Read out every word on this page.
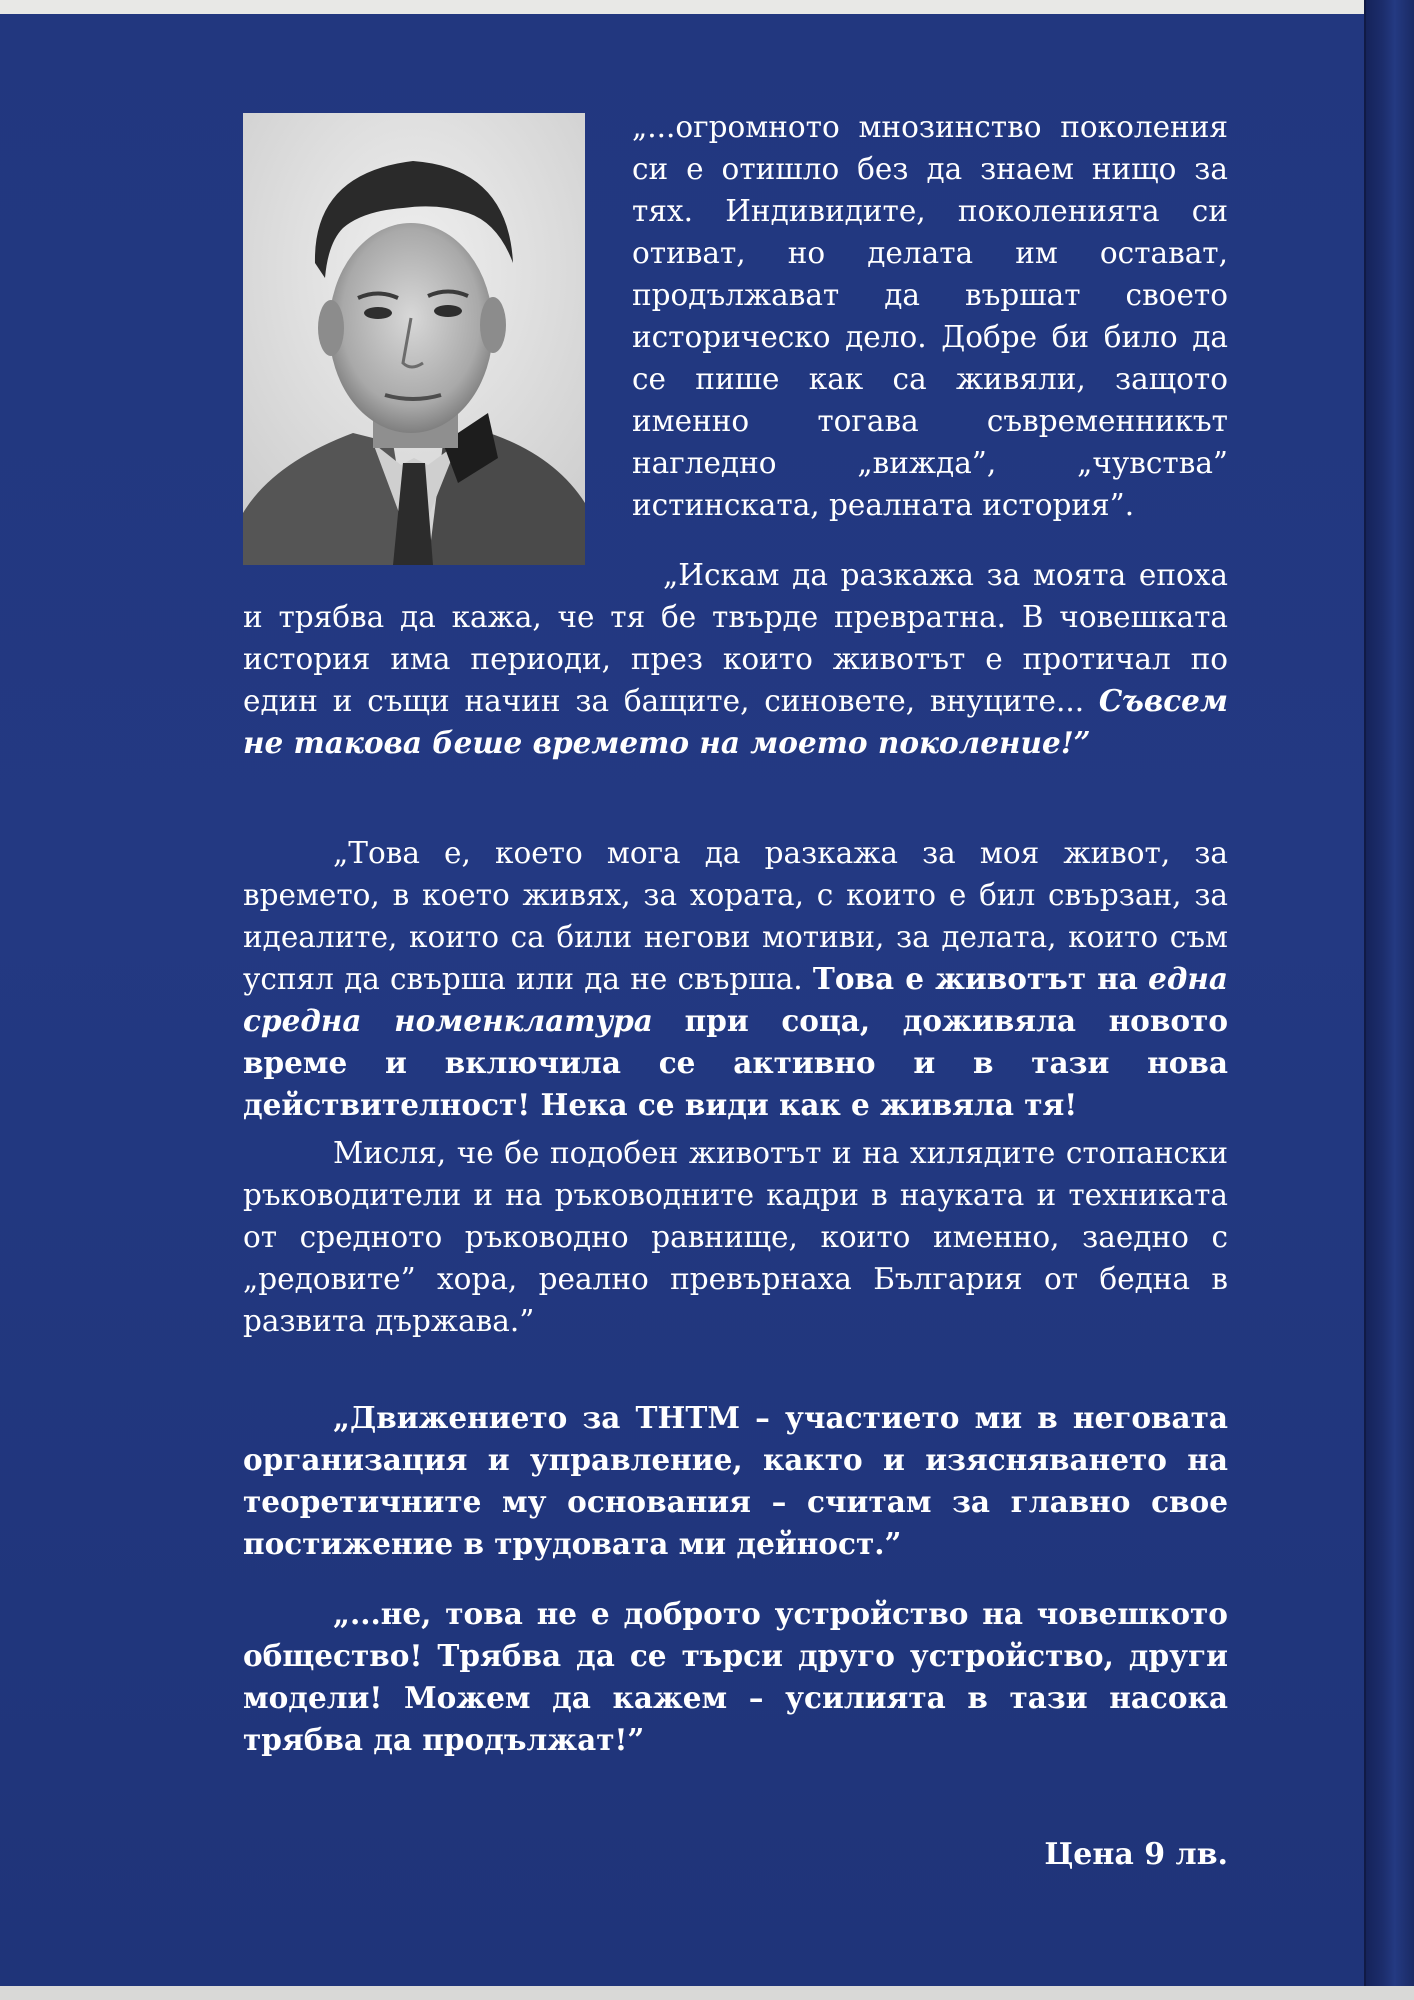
„...огромното мнозинство поколения си е отишло без да знаем нищо за тях. Индивидите, поколенията си отиват, но делата им остават, продължават да вършат своето историческо дело. Добре би било да се пише как са живяли, защото именно тогава съвременникът нагледно „вижда”, „чувства” истинската, реалната история”.
„Искам да разкажа за моята епоха и трябва да кажа, че тя бе твърде превратна. В човешката история има периоди, през които животът е протичал по един и същи начин за бащите, синовете, внуците... Съвсем не такова беше времето на моето поколение!”

„Това е, което мога да разкажа за моя живот, за времето, в което живях, за хората, с които е бил свързан, за идеалите, които са били негови мотиви, за делата, които съм успял да свърша или да не свърша. Това е животът на една средна номенклатура при соца, доживяла новото време и включила се активно и в тази нова действителност! Нека се види как е живяла тя!

Мисля, че бе подобен животът и на хилядите стопански ръководители и на ръководните кадри в науката и техниката от средното ръководно равнище, които именно, заедно с „редовите” хора, реално превърнаха България от бедна в развита държава.”

„Движението за ТНТМ – участието ми в неговата организация и управление, както и изясняването на теоретичните му основания – считам за главно свое постижение в трудовата ми дейност.”

„...не, това не е доброто устройство на човешкото общество! Трябва да се търси друго устройство, други модели! Можем да кажем – усилията в тази насока трябва да продължат!”

Цена 9 лв.
